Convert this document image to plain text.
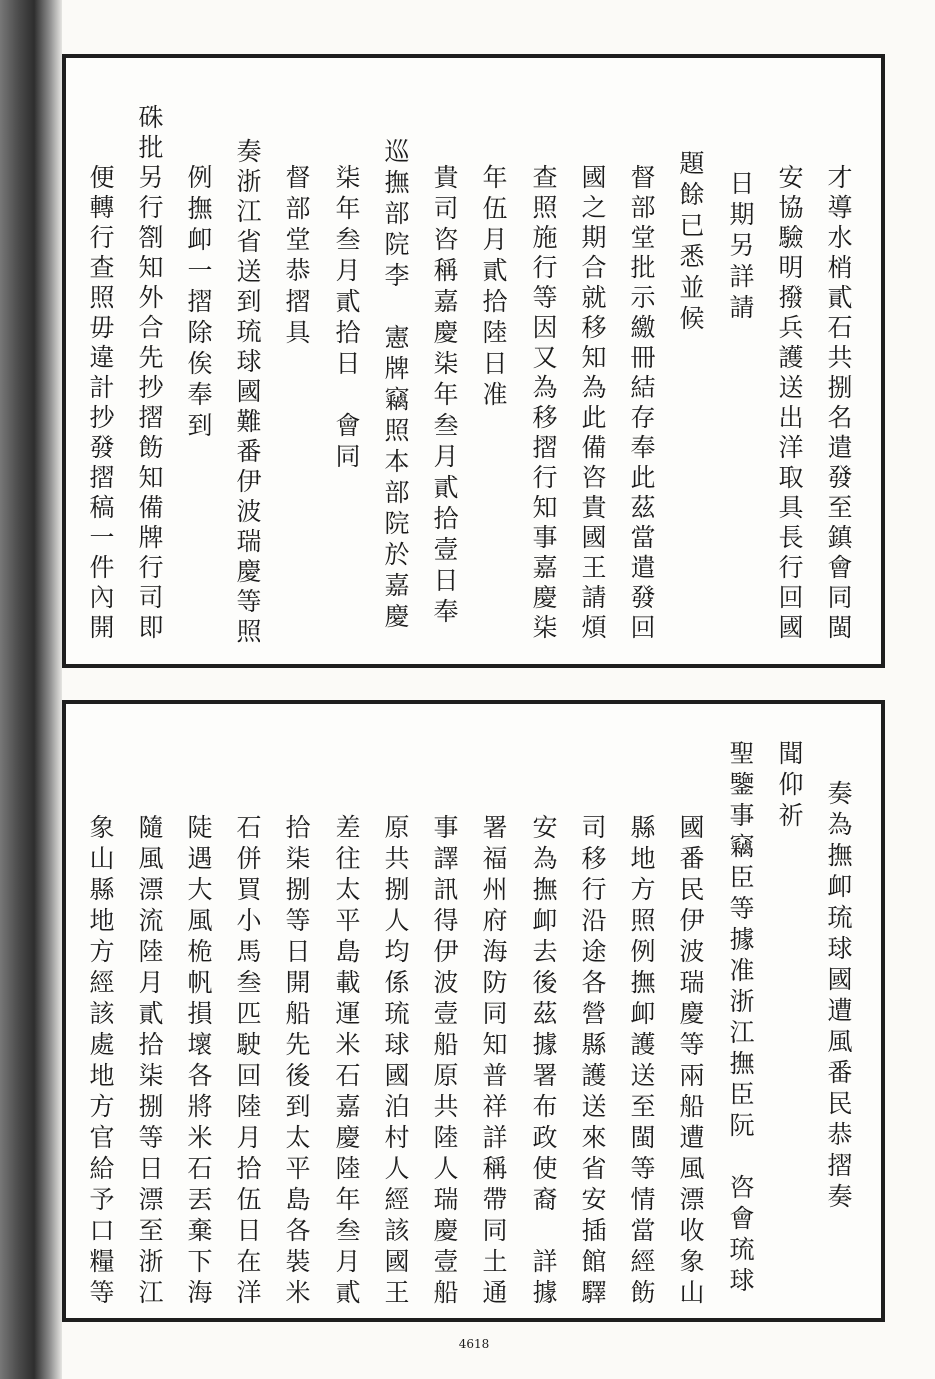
才導水梢貳石共捌名遣發至鎮會同閩
安協驗明撥兵護送出洋取具長行回國
日期另詳請
題餘已悉並候
督部堂批示繳冊結存奉此茲當遣發回
國之期合就移知為此備咨貴國王請煩
查照施行等因又為移摺行知事嘉慶柒
年伍月貳拾陸日准
貴司咨稱嘉慶柒年叁月貳拾壹日奉
巡撫部院李　憲牌竊照本部院於嘉慶
柒年叁月貳拾日　會同
督部堂恭摺具
奏浙江省送到琉球國難番伊波瑞慶等照
例撫卹一摺除俟奉到
硃批另行劄知外合先抄摺飭知備牌行司即
便轉行查照毋違計抄發摺稿一件內開
奏為撫卹琉球國遭風番民恭摺奏
聞仰祈
聖鑒事竊臣等據准浙江撫臣阮　咨會琉球
國番民伊波瑞慶等兩船遭風漂收象山
縣地方照例撫卹護送至閩等情當經飭
司移行沿途各營縣護送來省安插館驛
安為撫卹去後茲據署布政使裔　詳據
署福州府海防同知普祥詳稱帶同土通
事譯訊得伊波壹船原共陸人瑞慶壹船
原共捌人均係琉球國泊村人經該國王
差往太平島載運米石嘉慶陸年叁月貳
拾柒捌等日開船先後到太平島各裝米
石併買小馬叁匹駛回陸月拾伍日在洋
陡遇大風桅帆損壞各將米石丟棄下海
隨風漂流陸月貳拾柒捌等日漂至浙江
象山縣地方經該處地方官給予口糧等
4618
